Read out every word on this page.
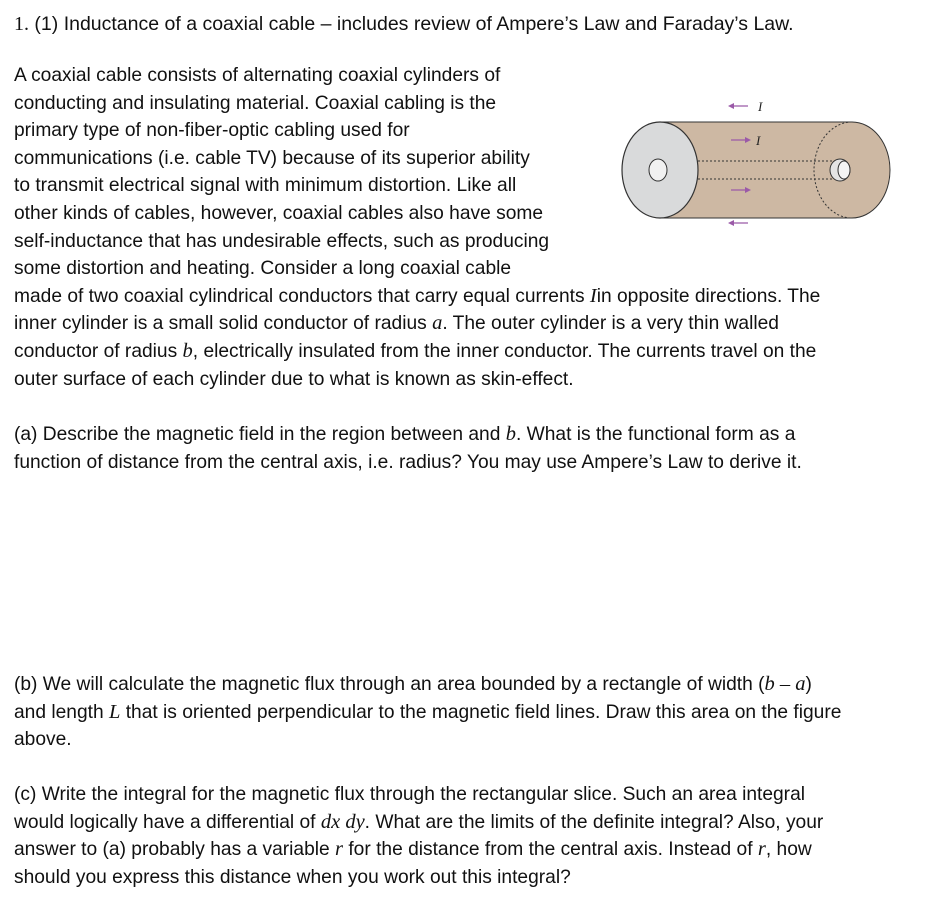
1. (1) Inductance of a coaxial cable – includes review of Ampere’s Law and Faraday’s Law.
A coaxial cable consists of alternating coaxial cylinders of
conducting and insulating material. Coaxial cabling is the
primary type of non-fiber-optic cabling used for
communications (i.e. cable TV) because of its superior ability
to transmit electrical signal with minimum distortion. Like all
other kinds of cables, however, coaxial cables also have some
self-inductance that has undesirable effects, such as producing
some distortion and heating. Consider a long coaxial cable
made of two coaxial cylindrical conductors that carry equal currents Iin opposite directions. The
inner cylinder is a small solid conductor of radius a. The outer cylinder is a very thin walled
conductor of radius b, electrically insulated from the inner conductor. The currents travel on the
outer surface of each cylinder due to what is known as skin-effect.
I
I
(a) Describe the magnetic field in the region between and b. What is the functional form as a
function of distance from the central axis, i.e. radius? You may use Ampere’s Law to derive it.
(b) We will calculate the magnetic flux through an area bounded by a rectangle of width (b – a)
and length L that is oriented perpendicular to the magnetic field lines. Draw this area on the figure
above.
(c) Write the integral for the magnetic flux through the rectangular slice. Such an area integral
would logically have a differential of dx dy. What are the limits of the definite integral? Also, your
answer to (a) probably has a variable r for the distance from the central axis. Instead of r, how
should you express this distance when you work out this integral?
